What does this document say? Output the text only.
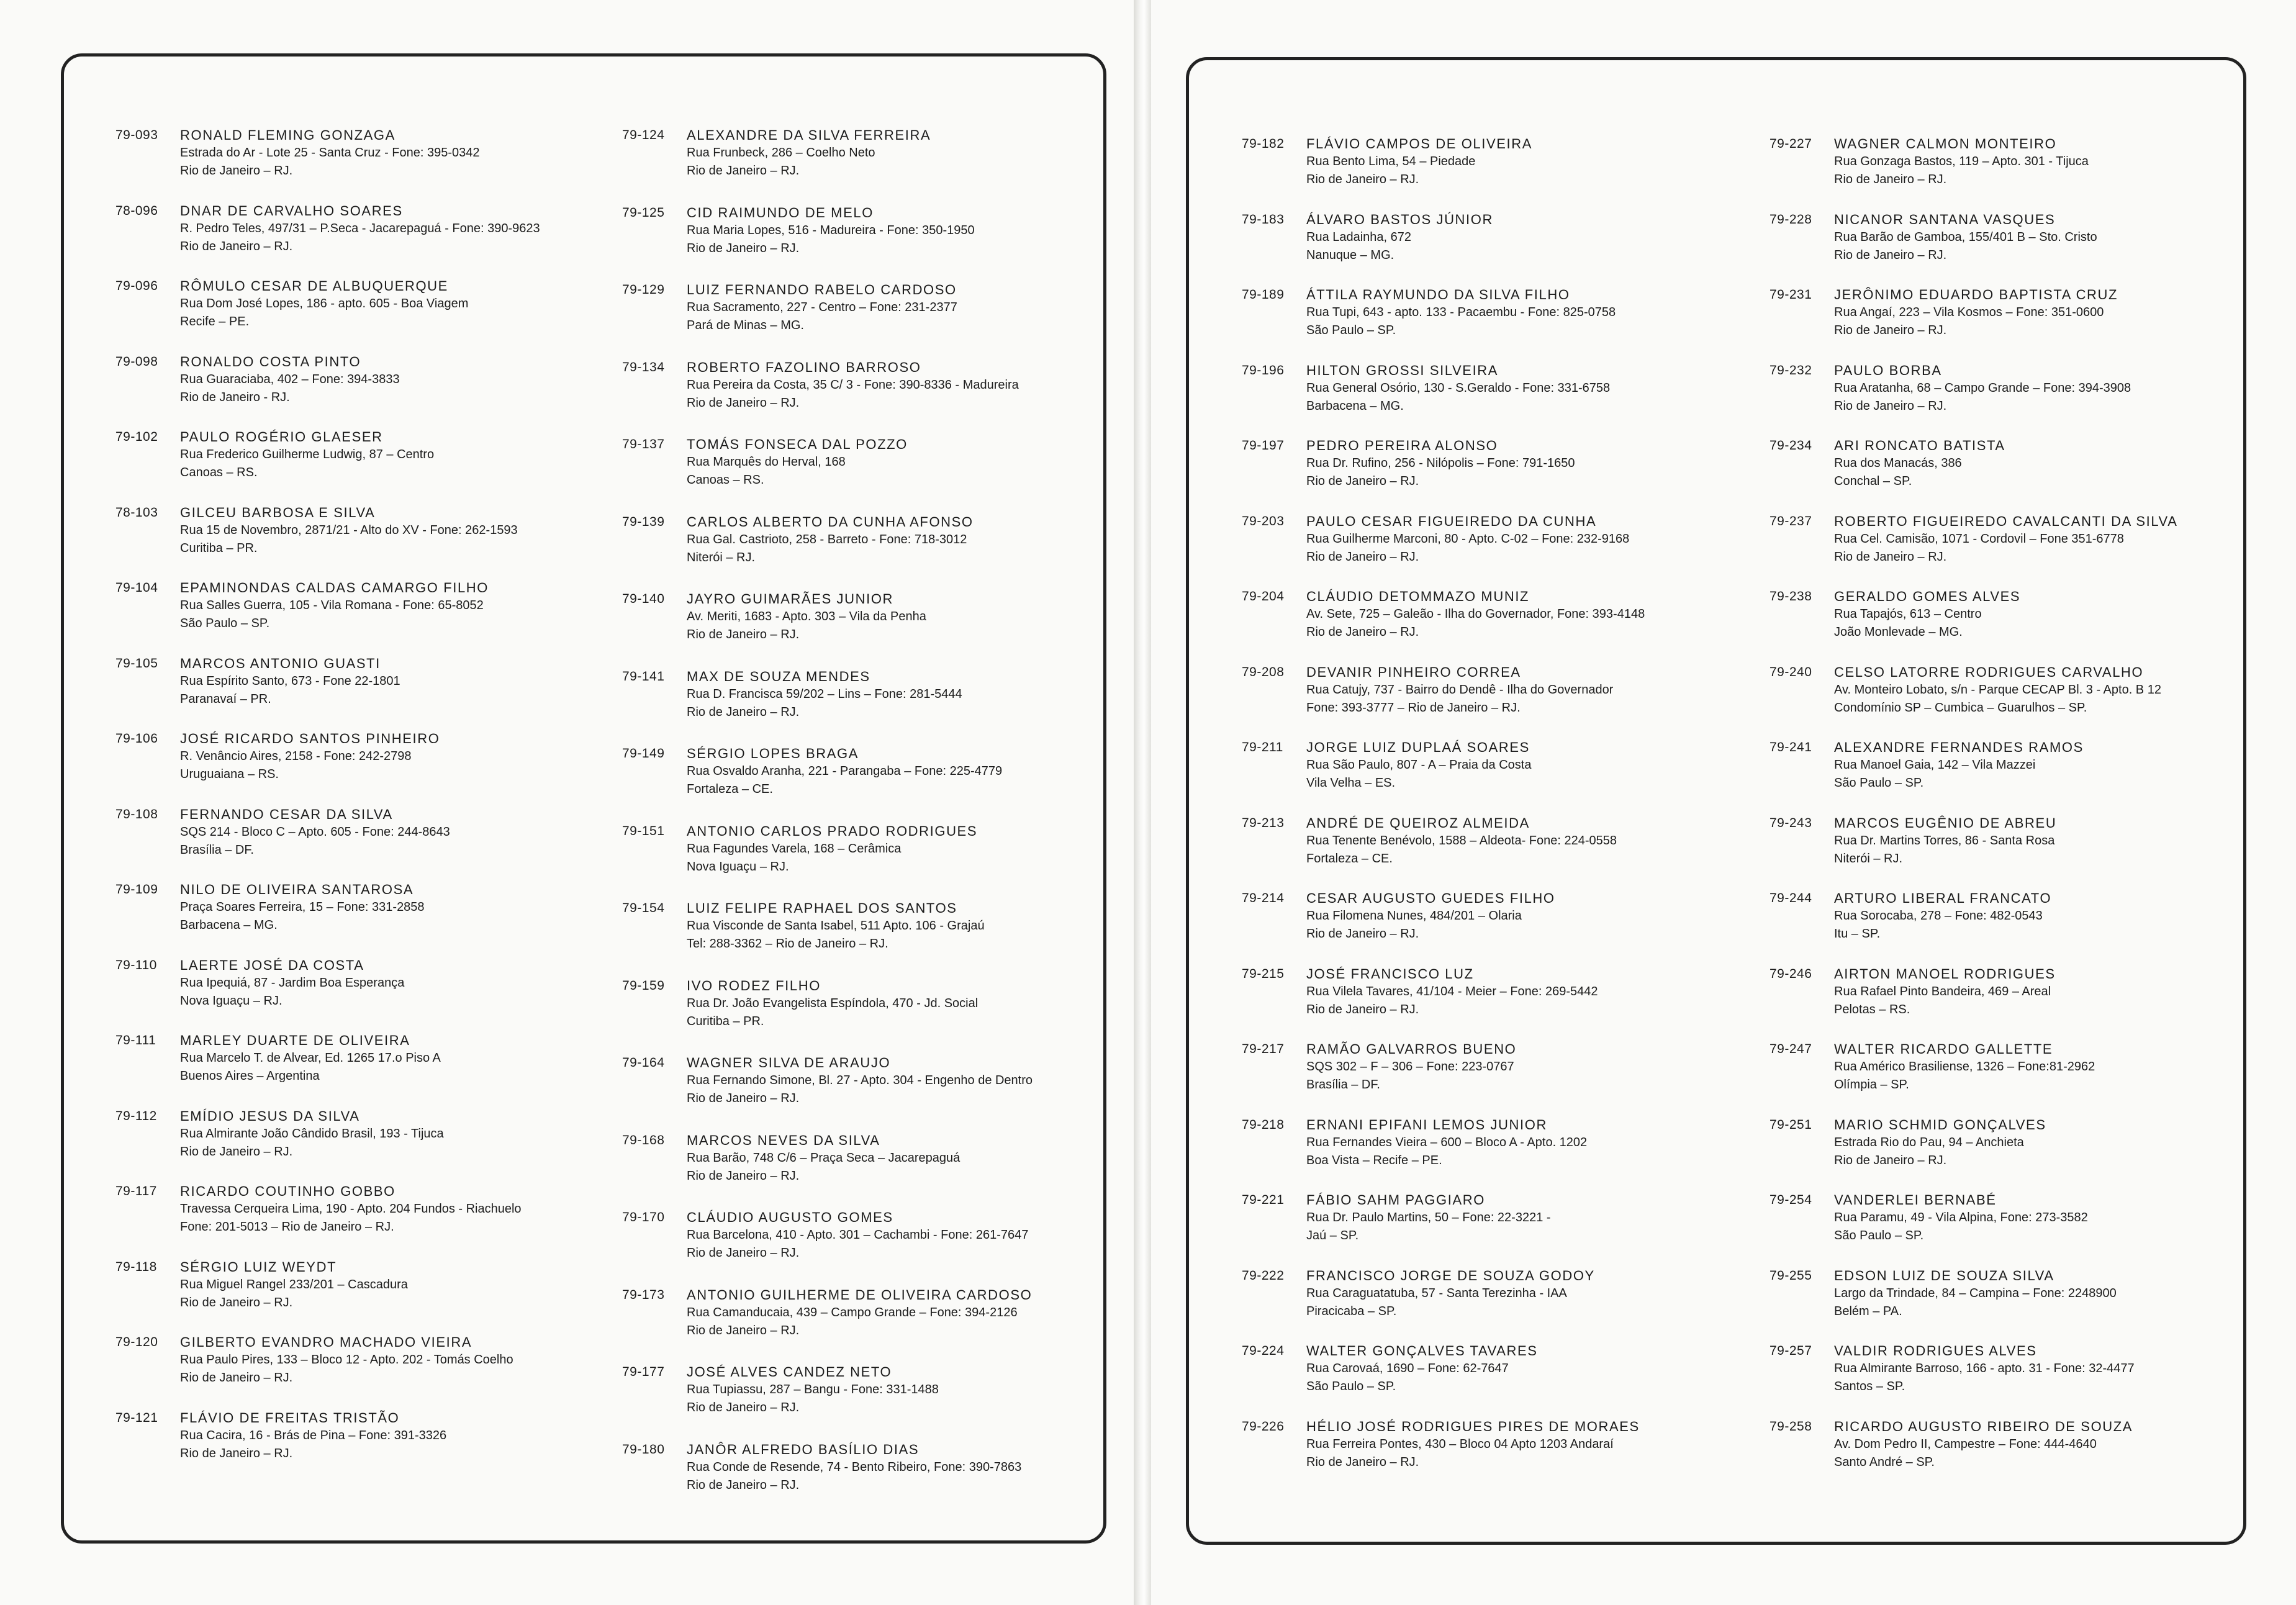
79-093 RONALD FLEMING GONZAGA
Estrada do Ar - Lote 25 - Santa Cruz - Fone: 395-0342
Rio de Janeiro – RJ.
78-096 DNAR DE CARVALHO SOARES
R. Pedro Teles, 497/31 – P.Seca - Jacarepaguá - Fone: 390-9623
Rio de Janeiro – RJ.
79-096 RÔMULO CESAR DE ALBUQUERQUE
Rua Dom José Lopes, 186 - apto. 605 - Boa Viagem
Recife – PE.
79-098 RONALDO COSTA PINTO
Rua Guaraciaba, 402 – Fone: 394-3833
Rio de Janeiro - RJ.
79-102 PAULO ROGÉRIO GLAESER
Rua Frederico Guilherme Ludwig, 87 – Centro
Canoas – RS.
78-103 GILCEU BARBOSA E SILVA
Rua 15 de Novembro, 2871/21 - Alto do XV - Fone: 262-1593
Curitiba – PR.
79-104 EPAMINONDAS CALDAS CAMARGO FILHO
Rua Salles Guerra, 105 - Vila Romana - Fone: 65-8052
São Paulo – SP.
79-105 MARCOS ANTONIO GUASTI
Rua Espírito Santo, 673 - Fone 22-1801
Paranavaí – PR.
79-106 JOSÉ RICARDO SANTOS PINHEIRO
R. Venâncio Aires, 2158 - Fone: 242-2798
Uruguaiana – RS.
79-108 FERNANDO CESAR DA SILVA
SQS 214 - Bloco C – Apto. 605 - Fone: 244-8643
Brasília – DF.
79-109 NILO DE OLIVEIRA SANTAROSA
Praça Soares Ferreira, 15 – Fone: 331-2858
Barbacena – MG.
79-110 LAERTE JOSÉ DA COSTA
Rua Ipequiá, 87 - Jardim Boa Esperança
Nova Iguaçu – RJ.
79-111 MARLEY DUARTE DE OLIVEIRA
Rua Marcelo T. de Alvear, Ed. 1265 17.o Piso A
Buenos Aires – Argentina
79-112 EMÍDIO JESUS DA SILVA
Rua Almirante João Cândido Brasil, 193 - Tijuca
Rio de Janeiro – RJ.
79-117 RICARDO COUTINHO GOBBO
Travessa Cerqueira Lima, 190 - Apto. 204 Fundos - Riachuelo
Fone: 201-5013 – Rio de Janeiro – RJ.
79-118 SÉRGIO LUIZ WEYDT
Rua Miguel Rangel 233/201 – Cascadura
Rio de Janeiro – RJ.
79-120 GILBERTO EVANDRO MACHADO VIEIRA
Rua Paulo Pires, 133 – Bloco 12 - Apto. 202 - Tomás Coelho
Rio de Janeiro – RJ.
79-121 FLÁVIO DE FREITAS TRISTÃO
Rua Cacira, 16 - Brás de Pina – Fone: 391-3326
Rio de Janeiro – RJ.
79-124 ALEXANDRE DA SILVA FERREIRA
Rua Frunbeck, 286 – Coelho Neto
Rio de Janeiro – RJ.
79-125 CID RAIMUNDO DE MELO
Rua Maria Lopes, 516 - Madureira - Fone: 350-1950
Rio de Janeiro – RJ.
79-129 LUIZ FERNANDO RABELO CARDOSO
Rua Sacramento, 227 - Centro – Fone: 231-2377
Pará de Minas – MG.
79-134 ROBERTO FAZOLINO BARROSO
Rua Pereira da Costa, 35 C/ 3 - Fone: 390-8336 - Madureira
Rio de Janeiro – RJ.
79-137 TOMÁS FONSECA DAL POZZO
Rua Marquês do Herval, 168
Canoas – RS.
79-139 CARLOS ALBERTO DA CUNHA AFONSO
Rua Gal. Castrioto, 258 - Barreto - Fone: 718-3012
Niterói – RJ.
79-140 JAYRO GUIMARÃES JUNIOR
Av. Meriti, 1683 - Apto. 303 – Vila da Penha
Rio de Janeiro – RJ.
79-141 MAX DE SOUZA MENDES
Rua D. Francisca 59/202 – Lins – Fone: 281-5444
Rio de Janeiro – RJ.
79-149 SÉRGIO LOPES BRAGA
Rua Osvaldo Aranha, 221 - Parangaba – Fone: 225-4779
Fortaleza – CE.
79-151 ANTONIO CARLOS PRADO RODRIGUES
Rua Fagundes Varela, 168 – Cerâmica
Nova Iguaçu – RJ.
79-154 LUIZ FELIPE RAPHAEL DOS SANTOS
Rua Visconde de Santa Isabel, 511 Apto. 106 - Grajaú
Tel: 288-3362 – Rio de Janeiro – RJ.
79-159 IVO RODEZ FILHO
Rua Dr. João Evangelista Espíndola, 470 - Jd. Social
Curitiba – PR.
79-164 WAGNER SILVA DE ARAUJO
Rua Fernando Simone, Bl. 27 - Apto. 304 - Engenho de Dentro
Rio de Janeiro – RJ.
79-168 MARCOS NEVES DA SILVA
Rua Barão, 748 C/6 – Praça Seca – Jacarepaguá
Rio de Janeiro – RJ.
79-170 CLÁUDIO AUGUSTO GOMES
Rua Barcelona, 410 - Apto. 301 – Cachambi - Fone: 261-7647
Rio de Janeiro – RJ.
79-173 ANTONIO GUILHERME DE OLIVEIRA CARDOSO
Rua Camanducaia, 439 – Campo Grande – Fone: 394-2126
Rio de Janeiro – RJ.
79-177 JOSÉ ALVES CANDEZ NETO
Rua Tupiassu, 287 – Bangu - Fone: 331-1488
Rio de Janeiro – RJ.
79-180 JANÔR ALFREDO BASÍLIO DIAS
Rua Conde de Resende, 74 - Bento Ribeiro, Fone: 390-7863
Rio de Janeiro – RJ.
79-182 FLÁVIO CAMPOS DE OLIVEIRA
Rua Bento Lima, 54 – Piedade
Rio de Janeiro – RJ.
79-183 ÁLVARO BASTOS JÚNIOR
Rua Ladainha, 672
Nanuque – MG.
79-189 ÁTTILA RAYMUNDO DA SILVA FILHO
Rua Tupi, 643 - apto. 133 - Pacaembu - Fone: 825-0758
São Paulo – SP.
79-196 HILTON GROSSI SILVEIRA
Rua General Osório, 130 - S.Geraldo - Fone: 331-6758
Barbacena – MG.
79-197 PEDRO PEREIRA ALONSO
Rua Dr. Rufino, 256 - Nilópolis – Fone: 791-1650
Rio de Janeiro – RJ.
79-203 PAULO CESAR FIGUEIREDO DA CUNHA
Rua Guilherme Marconi, 80 - Apto. C-02 – Fone: 232-9168
Rio de Janeiro – RJ.
79-204 CLÁUDIO DETOMMAZO MUNIZ
Av. Sete, 725 – Galeão - Ilha do Governador, Fone: 393-4148
Rio de Janeiro – RJ.
79-208 DEVANIR PINHEIRO CORREA
Rua Catujy, 737 - Bairro do Dendê - Ilha do Governador
Fone: 393-3777 – Rio de Janeiro – RJ.
79-211 JORGE LUIZ DUPLAÁ SOARES
Rua São Paulo, 807 - A – Praia da Costa
Vila Velha – ES.
79-213 ANDRÉ DE QUEIROZ ALMEIDA
Rua Tenente Benévolo, 1588 – Aldeota- Fone: 224-0558
Fortaleza – CE.
79-214 CESAR AUGUSTO GUEDES FILHO
Rua Filomena Nunes, 484/201 – Olaria
Rio de Janeiro – RJ.
79-215 JOSÉ FRANCISCO LUZ
Rua Vilela Tavares, 41/104 - Meier – Fone: 269-5442
Rio de Janeiro – RJ.
79-217 RAMÃO GALVARROS BUENO
SQS 302 – F – 306 – Fone: 223-0767
Brasília – DF.
79-218 ERNANI EPIFANI LEMOS JUNIOR
Rua Fernandes Vieira – 600 – Bloco A - Apto. 1202
Boa Vista – Recife – PE.
79-221 FÁBIO SAHM PAGGIARO
Rua Dr. Paulo Martins, 50 – Fone: 22-3221 -
Jaú – SP.
79-222 FRANCISCO JORGE DE SOUZA GODOY
Rua Caraguatatuba, 57 - Santa Terezinha - IAA
Piracicaba – SP.
79-224 WALTER GONÇALVES TAVARES
Rua Carovaá, 1690 – Fone: 62-7647
São Paulo – SP.
79-226 HÉLIO JOSÉ RODRIGUES PIRES DE MORAES
Rua Ferreira Pontes, 430 – Bloco 04 Apto 1203 Andaraí
Rio de Janeiro – RJ.
79-227 WAGNER CALMON MONTEIRO
Rua Gonzaga Bastos, 119 – Apto. 301 - Tijuca
Rio de Janeiro – RJ.
79-228 NICANOR SANTANA VASQUES
Rua Barão de Gamboa, 155/401 B – Sto. Cristo
Rio de Janeiro – RJ.
79-231 JERÔNIMO EDUARDO BAPTISTA CRUZ
Rua Angaí, 223 – Vila Kosmos – Fone: 351-0600
Rio de Janeiro – RJ.
79-232 PAULO BORBA
Rua Aratanha, 68 – Campo Grande – Fone: 394-3908
Rio de Janeiro – RJ.
79-234 ARI RONCATO BATISTA
Rua dos Manacás, 386
Conchal – SP.
79-237 ROBERTO FIGUEIREDO CAVALCANTI DA SILVA
Rua Cel. Camisão, 1071 - Cordovil – Fone 351-6778
Rio de Janeiro – RJ.
79-238 GERALDO GOMES ALVES
Rua Tapajós, 613 – Centro
João Monlevade – MG.
79-240 CELSO LATORRE RODRIGUES CARVALHO
Av. Monteiro Lobato, s/n - Parque CECAP Bl. 3 - Apto. B 12
Condomínio SP – Cumbica – Guarulhos – SP.
79-241 ALEXANDRE FERNANDES RAMOS
Rua Manoel Gaia, 142 – Vila Mazzei
São Paulo – SP.
79-243 MARCOS EUGÊNIO DE ABREU
Rua Dr. Martins Torres, 86 - Santa Rosa
Niterói – RJ.
79-244 ARTURO LIBERAL FRANCATO
Rua Sorocaba, 278 – Fone: 482-0543
Itu – SP.
79-246 AIRTON MANOEL RODRIGUES
Rua Rafael Pinto Bandeira, 469 – Areal
Pelotas – RS.
79-247 WALTER RICARDO GALLETTE
Rua Américo Brasiliense, 1326 – Fone:81-2962
Olímpia – SP.
79-251 MARIO SCHMID GONÇALVES
Estrada Rio do Pau, 94 – Anchieta
Rio de Janeiro – RJ.
79-254 VANDERLEI BERNABÉ
Rua Paramu, 49 - Vila Alpina, Fone: 273-3582
São Paulo – SP.
79-255 EDSON LUIZ DE SOUZA SILVA
Largo da Trindade, 84 – Campina – Fone: 2248900
Belém – PA.
79-257 VALDIR RODRIGUES ALVES
Rua Almirante Barroso, 166 - apto. 31 - Fone: 32-4477
Santos – SP.
79-258 RICARDO AUGUSTO RIBEIRO DE SOUZA
Av. Dom Pedro II, Campestre – Fone: 444-4640
Santo André – SP.
